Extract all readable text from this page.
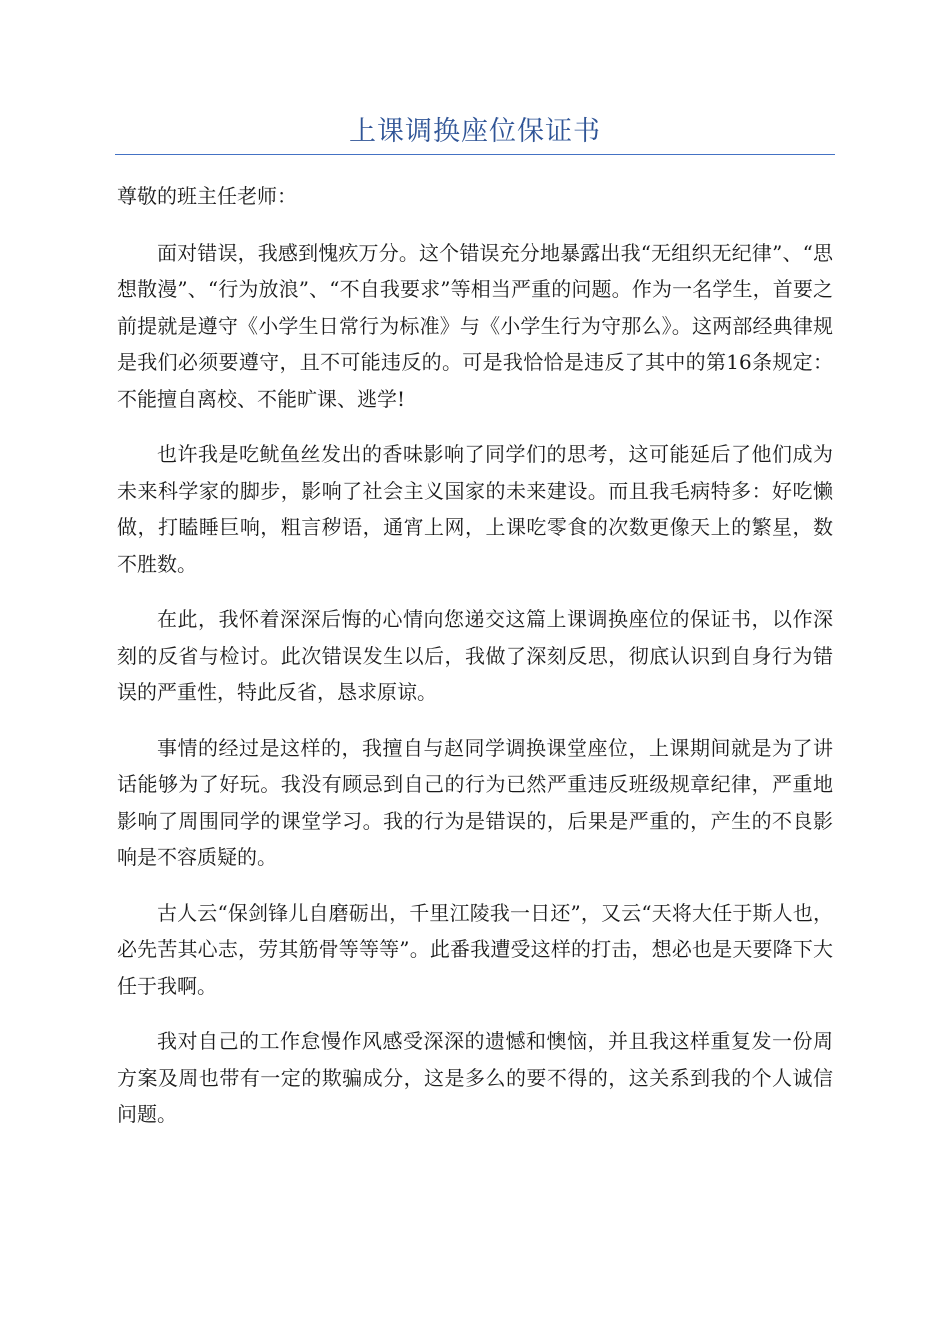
上课调换座位保证书

尊敬的班主任老师：

面对错误，我感到愧疚万分。这个错误充分地暴露出我“无组织无纪律”、“思想散漫”、“行为放浪”、“不自我要求”等相当严重的问题。作为一名学生，首要之前提就是遵守《小学生日常行为标准》与《小学生行为守那么》。这两部经典律规是我们必须要遵守，且不可能违反的。可是我恰恰是违反了其中的第16条规定：不能擅自离校、不能旷课、逃学!

也许我是吃鱿鱼丝发出的香味影响了同学们的思考，这可能延后了他们成为未来科学家的脚步，影响了社会主义国家的未来建设。而且我毛病特多：好吃懒做，打瞌睡巨响，粗言秽语，通宵上网，上课吃零食的次数更像天上的繁星，数不胜数。

在此，我怀着深深后悔的心情向您递交这篇上课调换座位的保证书，以作深刻的反省与检讨。此次错误发生以后，我做了深刻反思，彻底认识到自身行为错误的严重性，特此反省，恳求原谅。

事情的经过是这样的，我擅自与赵同学调换课堂座位，上课期间就是为了讲话能够为了好玩。我没有顾忌到自己的行为已然严重违反班级规章纪律，严重地影响了周围同学的课堂学习。我的行为是错误的，后果是严重的，产生的不良影响是不容质疑的。

古人云“保剑锋儿自磨砺出，千里江陵我一日还”，又云“天将大任于斯人也，必先苦其心志，劳其筋骨等等等”。此番我遭受这样的打击，想必也是天要降下大任于我啊。

我对自己的工作怠慢作风感受深深的遗憾和懊恼，并且我这样重复发一份周方案及周也带有一定的欺骗成分，这是多么的要不得的，这关系到我的个人诚信问题。
